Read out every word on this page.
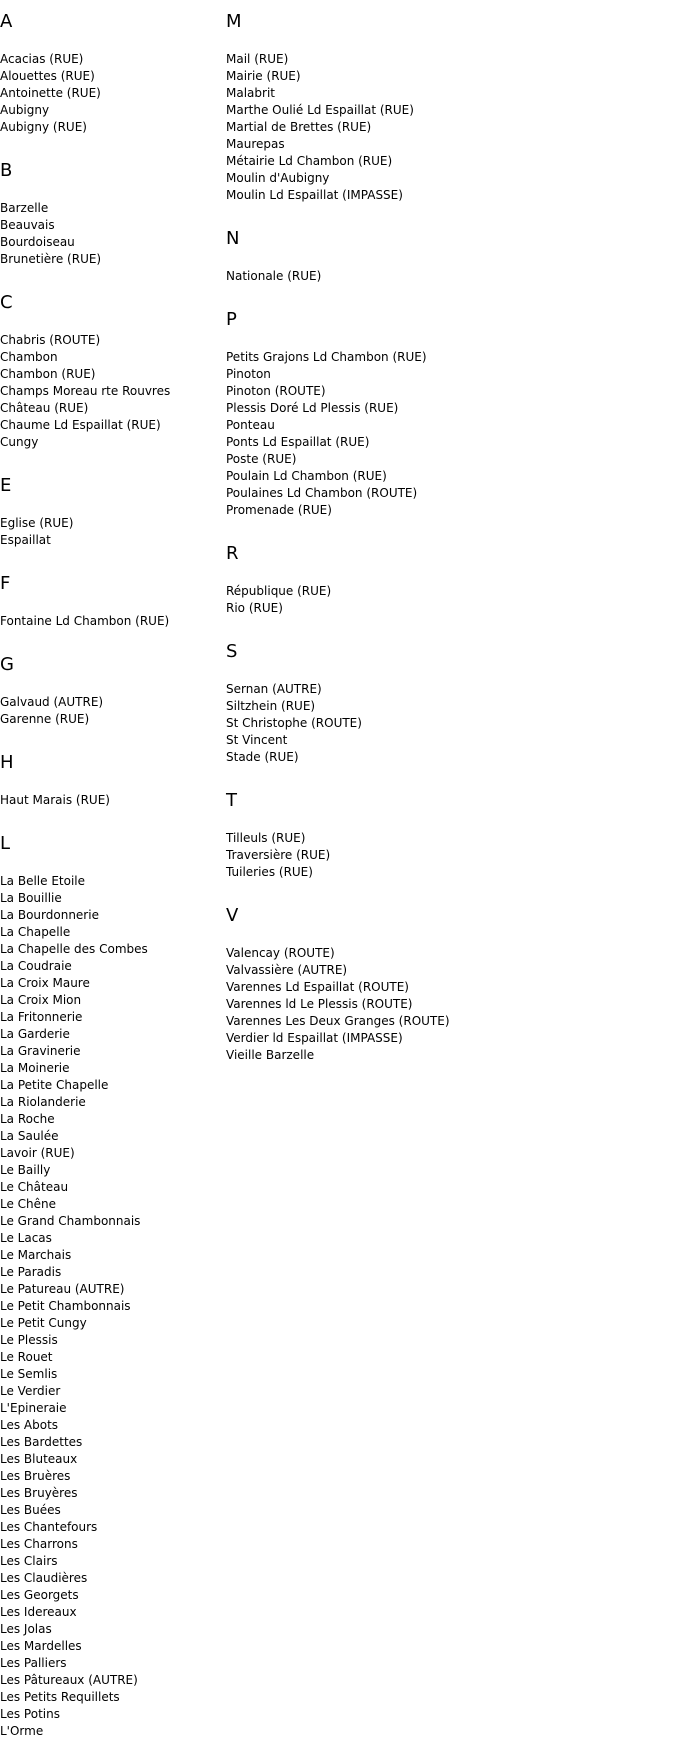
A
Acacias (RUE)
Alouettes (RUE)
Antoinette (RUE)
Aubigny
Aubigny (RUE)
B
Barzelle
Beauvais
Bourdoiseau
Brunetière (RUE)
C
Chabris (ROUTE)
Chambon
Chambon (RUE)
Champs Moreau rte Rouvres
Château (RUE)
Chaume Ld Espaillat (RUE)
Cungy
E
Eglise (RUE)
Espaillat
F
Fontaine Ld Chambon (RUE)
G
Galvaud (AUTRE)
Garenne (RUE)
H
Haut Marais (RUE)
L
La Belle Etoile
La Bouillie
La Bourdonnerie
La Chapelle
La Chapelle des Combes
La Coudraie
La Croix Maure
La Croix Mion
La Fritonnerie
La Garderie
La Gravinerie
La Moinerie
La Petite Chapelle
La Riolanderie
La Roche
La Saulée
Lavoir (RUE)
Le Bailly
Le Château
Le Chêne
Le Grand Chambonnais
Le Lacas
Le Marchais
Le Paradis
Le Patureau (AUTRE)
Le Petit Chambonnais
Le Petit Cungy
Le Plessis
Le Rouet
Le Semlis
Le Verdier
L'Epineraie
Les Abots
Les Bardettes
Les Bluteaux
Les Bruères
Les Bruyères
Les Buées
Les Chantefours
Les Charrons
Les Clairs
Les Claudières
Les Georgets
Les Idereaux
Les Jolas
Les Mardelles
Les Palliers
Les Pâtureaux (AUTRE)
Les Petits Requillets
Les Potins
L'Orme
M
Mail (RUE)
Mairie (RUE)
Malabrit
Marthe Oulié Ld Espaillat (RUE)
Martial de Brettes (RUE)
Maurepas
Métairie Ld Chambon (RUE)
Moulin d'Aubigny
Moulin Ld Espaillat (IMPASSE)
N
Nationale (RUE)
P
Petits Grajons Ld Chambon (RUE)
Pinoton
Pinoton (ROUTE)
Plessis Doré Ld Plessis (RUE)
Ponteau
Ponts Ld Espaillat (RUE)
Poste (RUE)
Poulain Ld Chambon (RUE)
Poulaines Ld Chambon (ROUTE)
Promenade (RUE)
R
République (RUE)
Rio (RUE)
S
Sernan (AUTRE)
Siltzhein (RUE)
St Christophe (ROUTE)
St Vincent
Stade (RUE)
T
Tilleuls (RUE)
Traversière (RUE)
Tuileries (RUE)
V
Valencay (ROUTE)
Valvassière (AUTRE)
Varennes Ld Espaillat (ROUTE)
Varennes ld Le Plessis (ROUTE)
Varennes Les Deux Granges (ROUTE)
Verdier ld Espaillat (IMPASSE)
Vieille Barzelle
